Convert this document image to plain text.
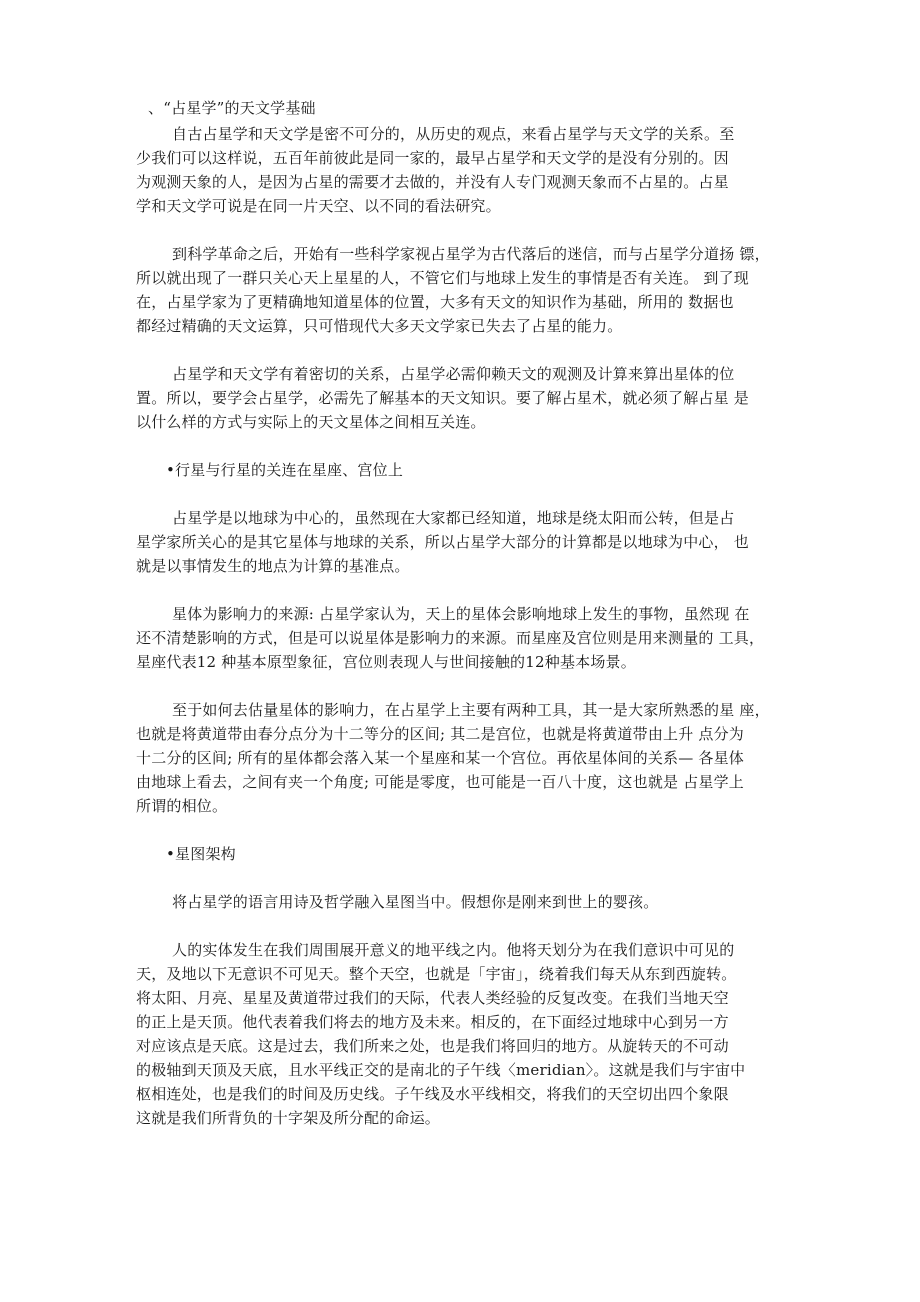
、“占星学”的天文学基础
自古占星学和天文学是密不可分的，从历史的观点，来看占星学与天文学的关系。至
少我们可以这样说，五百年前彼此是同一家的，最早占星学和天文学的是没有分别的。因
为观测天象的人，是因为占星的需要才去做的，并没有人专门观测天象而不占星的。占星
学和天文学可说是在同一片天空、以不同的看法研究。
到科学革命之后，开始有一些科学家视占星学为古代落后的迷信，而与占星学分道扬 镖，
所以就出现了一群只关心天上星星的人，不管它们与地球上发生的事情是否有关连。 到了现
在，占星学家为了更精确地知道星体的位置，大多有天文的知识作为基础，所用的 数据也
都经过精确的天文运算，只可惜现代大多天文学家已失去了占星的能力。
占星学和天文学有着密切的关系，占星学必需仰赖天文的观测及计算来算出星体的位
置。所以，要学会占星学，必需先了解基本的天文知识。要了解占星术，就必须了解占星 是
以什么样的方式与实际上的天文星体之间相互关连。
•行星与行星的关连在星座、宫位上
占星学是以地球为中心的，虽然现在大家都已经知道，地球是绕太阳而公转，但是占
星学家所关心的是其它星体与地球的关系，所以占星学大部分的计算都是以地球为中心， 也
就是以事情发生的地点为计算的基准点。
星体为影响力的来源: 占星学家认为，天上的星体会影响地球上发生的事物，虽然现 在
还不清楚影响的方式，但是可以说星体是影响力的来源。而星座及宫位则是用来测量的 工具，
星座代表12 种基本原型象征，宫位则表现人与世间接触的12种基本场景。
至于如何去估量星体的影响力，在占星学上主要有两种工具，其一是大家所熟悉的星 座，
也就是将黄道带由春分点分为十二等分的区间; 其二是宫位，也就是将黄道带由上升 点分为
十二分的区间; 所有的星体都会落入某一个星座和某一个宫位。再依星体间的关系— 各星体
由地球上看去，之间有夹一个角度; 可能是零度，也可能是一百八十度，这也就是 占星学上
所谓的相位。
•星图架构
将占星学的语言用诗及哲学融入星图当中。假想你是刚来到世上的婴孩。
人的实体发生在我们周围展开意义的地平线之内。他将天划分为在我们意识中可见的
天，及地以下无意识不可见天。整个天空，也就是「宇宙」，绕着我们每天从东到西旋转。
将太阳、月亮、星星及黄道带过我们的天际，代表人类经验的反复改变。在我们当地天空
的正上是天顶。他代表着我们将去的地方及未来。相反的，在下面经过地球中心到另一方
对应该点是天底。这是过去，我们所来之处，也是我们将回归的地方。从旋转天的不可动
的极轴到天顶及天底，且水平线正交的是南北的子午线〈meridian〉。这就是我们与宇宙中
枢相连处，也是我们的时间及历史线。子午线及水平线相交，将我们的天空切出四个象限
这就是我们所背负的十字架及所分配的命运。
